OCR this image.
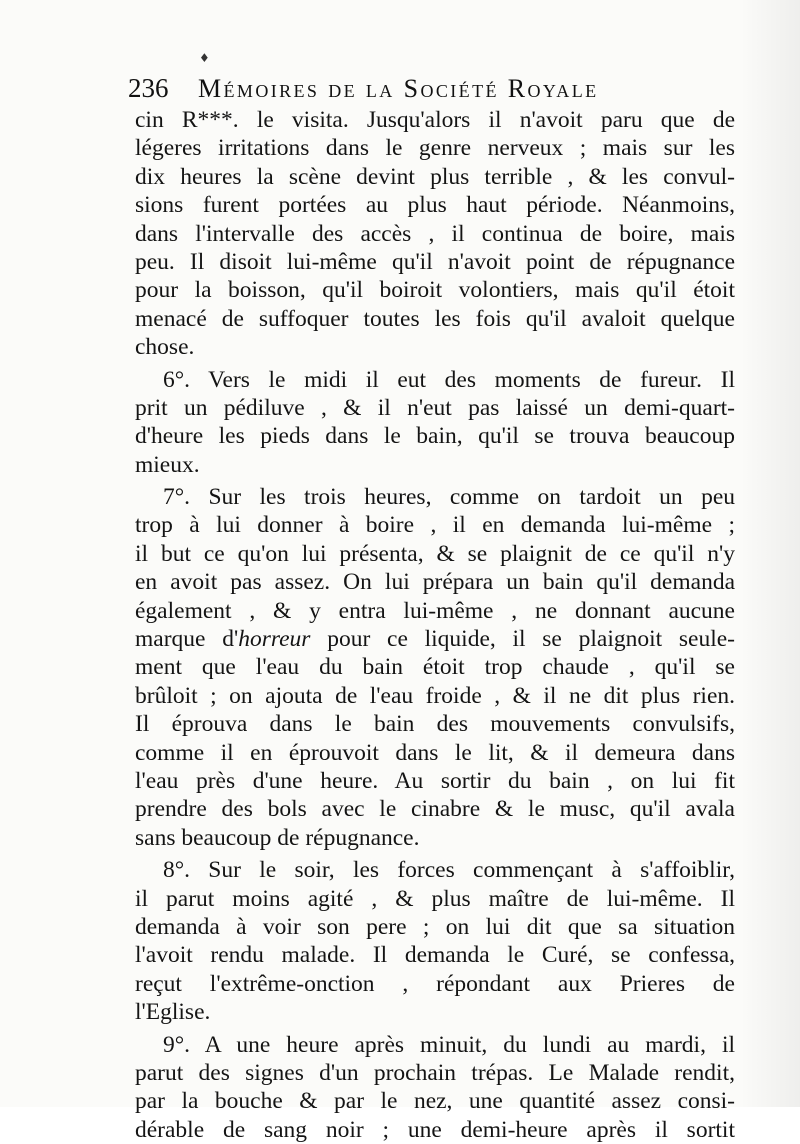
♦
236 Mémoires de la Société Royale
cin R***. le visita. Jusqu'alors il n'avoit paru que de
légeres irritations dans le genre nerveux ; mais sur les
dix heures la scène devint plus terrible , & les convul-
sions furent portées au plus haut période. Néanmoins,
dans l'intervalle des accès , il continua de boire, mais
peu. Il disoit lui-même qu'il n'avoit point de répugnance
pour la boisson, qu'il boiroit volontiers, mais qu'il étoit
menacé de suffoquer toutes les fois qu'il avaloit quelque
chose.
6°. Vers le midi il eut des moments de fureur. Il
prit un pédiluve , & il n'eut pas laissé un demi-quart-
d'heure les pieds dans le bain, qu'il se trouva beaucoup
mieux.
7°. Sur les trois heures, comme on tardoit un peu
trop à lui donner à boire , il en demanda lui-même ;
il but ce qu'on lui présenta, & se plaignit de ce qu'il n'y
en avoit pas assez. On lui prépara un bain qu'il demanda
également , & y entra lui-même , ne donnant aucune
marque d'horreur pour ce liquide, il se plaignoit seule-
ment que l'eau du bain étoit trop chaude , qu'il se
brûloit ; on ajouta de l'eau froide , & il ne dit plus rien.
Il éprouva dans le bain des mouvements convulsifs,
comme il en éprouvoit dans le lit, & il demeura dans
l'eau près d'une heure. Au sortir du bain , on lui fit
prendre des bols avec le cinabre & le musc, qu'il avala
sans beaucoup de répugnance.
8°. Sur le soir, les forces commençant à s'affoiblir,
il parut moins agité , & plus maître de lui-même. Il
demanda à voir son pere ; on lui dit que sa situation
l'avoit rendu malade. Il demanda le Curé, se confessa,
reçut l'extrême-onction , répondant aux Prieres de
l'Eglise.
9°. A une heure après minuit, du lundi au mardi, il
parut des signes d'un prochain trépas. Le Malade rendit,
par la bouche & par le nez, une quantité assez consi-
dérable de sang noir ; une demi-heure après il sortit
